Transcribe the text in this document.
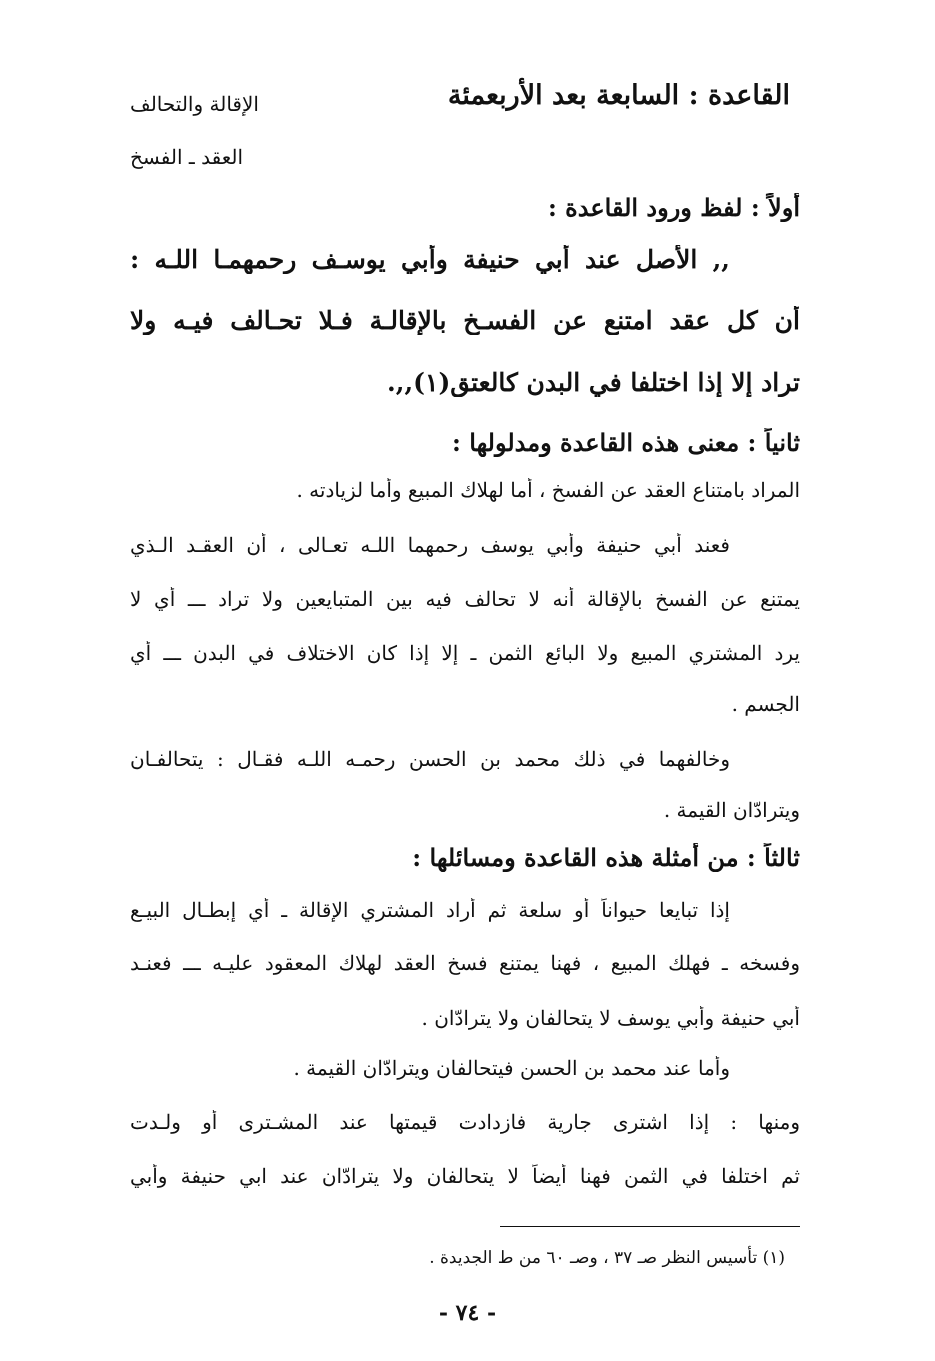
القاعدة : السابعة بعد الأربعمئة
الإقالة والتحالف
العقد ـ الفسخ
أولاً : لفظ ورود القاعدة :
,, الأصل عند أبي حنيفة وأبي يوسـف رحمهمـا اللـه :
أن كل عقد امتنع عن الفسـخ بالإقالـة فـلا تحـالف فيـه ولا
تراد إلا إذا اختلفا في البدن كالعتق(١),,.
ثانياً : معنى هذه القاعدة ومدلولها :
المراد بامتناع العقد عن الفسخ ، أما لهلاك المبيع وأما لزيادته .
فعند أبي حنيفة وأبي يوسف رحمهما اللـه تعـالى ، أن العقـد الـذي
يمتنع عن الفسخ بالإقالة أنه لا تحالف فيه بين المتبايعين ولا تراد ـــ أي لا
يرد المشتري المبيع ولا البائع الثمن ـ إلا إذا كان الاختلاف في البدن ـــ أي
الجسم .
وخالفهما في ذلك محمد بن الحسن رحمـه اللـه فقـال : يتحالفـان
ويترادّان القيمة .
ثالثاً : من أمثلة هذه القاعدة ومسائلها :
إذا تبايعا حيواناً أو سلعة ثم أراد المشتري الإقالة ـ أي إبطـال البيـع
وفسخه ـ فهلك المبيع ، فهنا يمتنع فسخ العقد لهلاك المعقود عليـه ـــ فعنـد
أبي حنيفة وأبي يوسف لا يتحالفان ولا يترادّان .
وأما عند محمد بن الحسن فيتحالفان ويترادّان القيمة .
ومنها : إذا اشترى جارية فازدادت قيمتها عند المشـترى أو ولـدت
ثم اختلفا في الثمن فهنا أيضاً لا يتحالفان ولا يترادّان عند ابي حنيفة وأبي
(١) تأسيس النظر صـ ٣٧ ، وصـ ٦٠ من ط الجديدة .
- ٧٤ -
